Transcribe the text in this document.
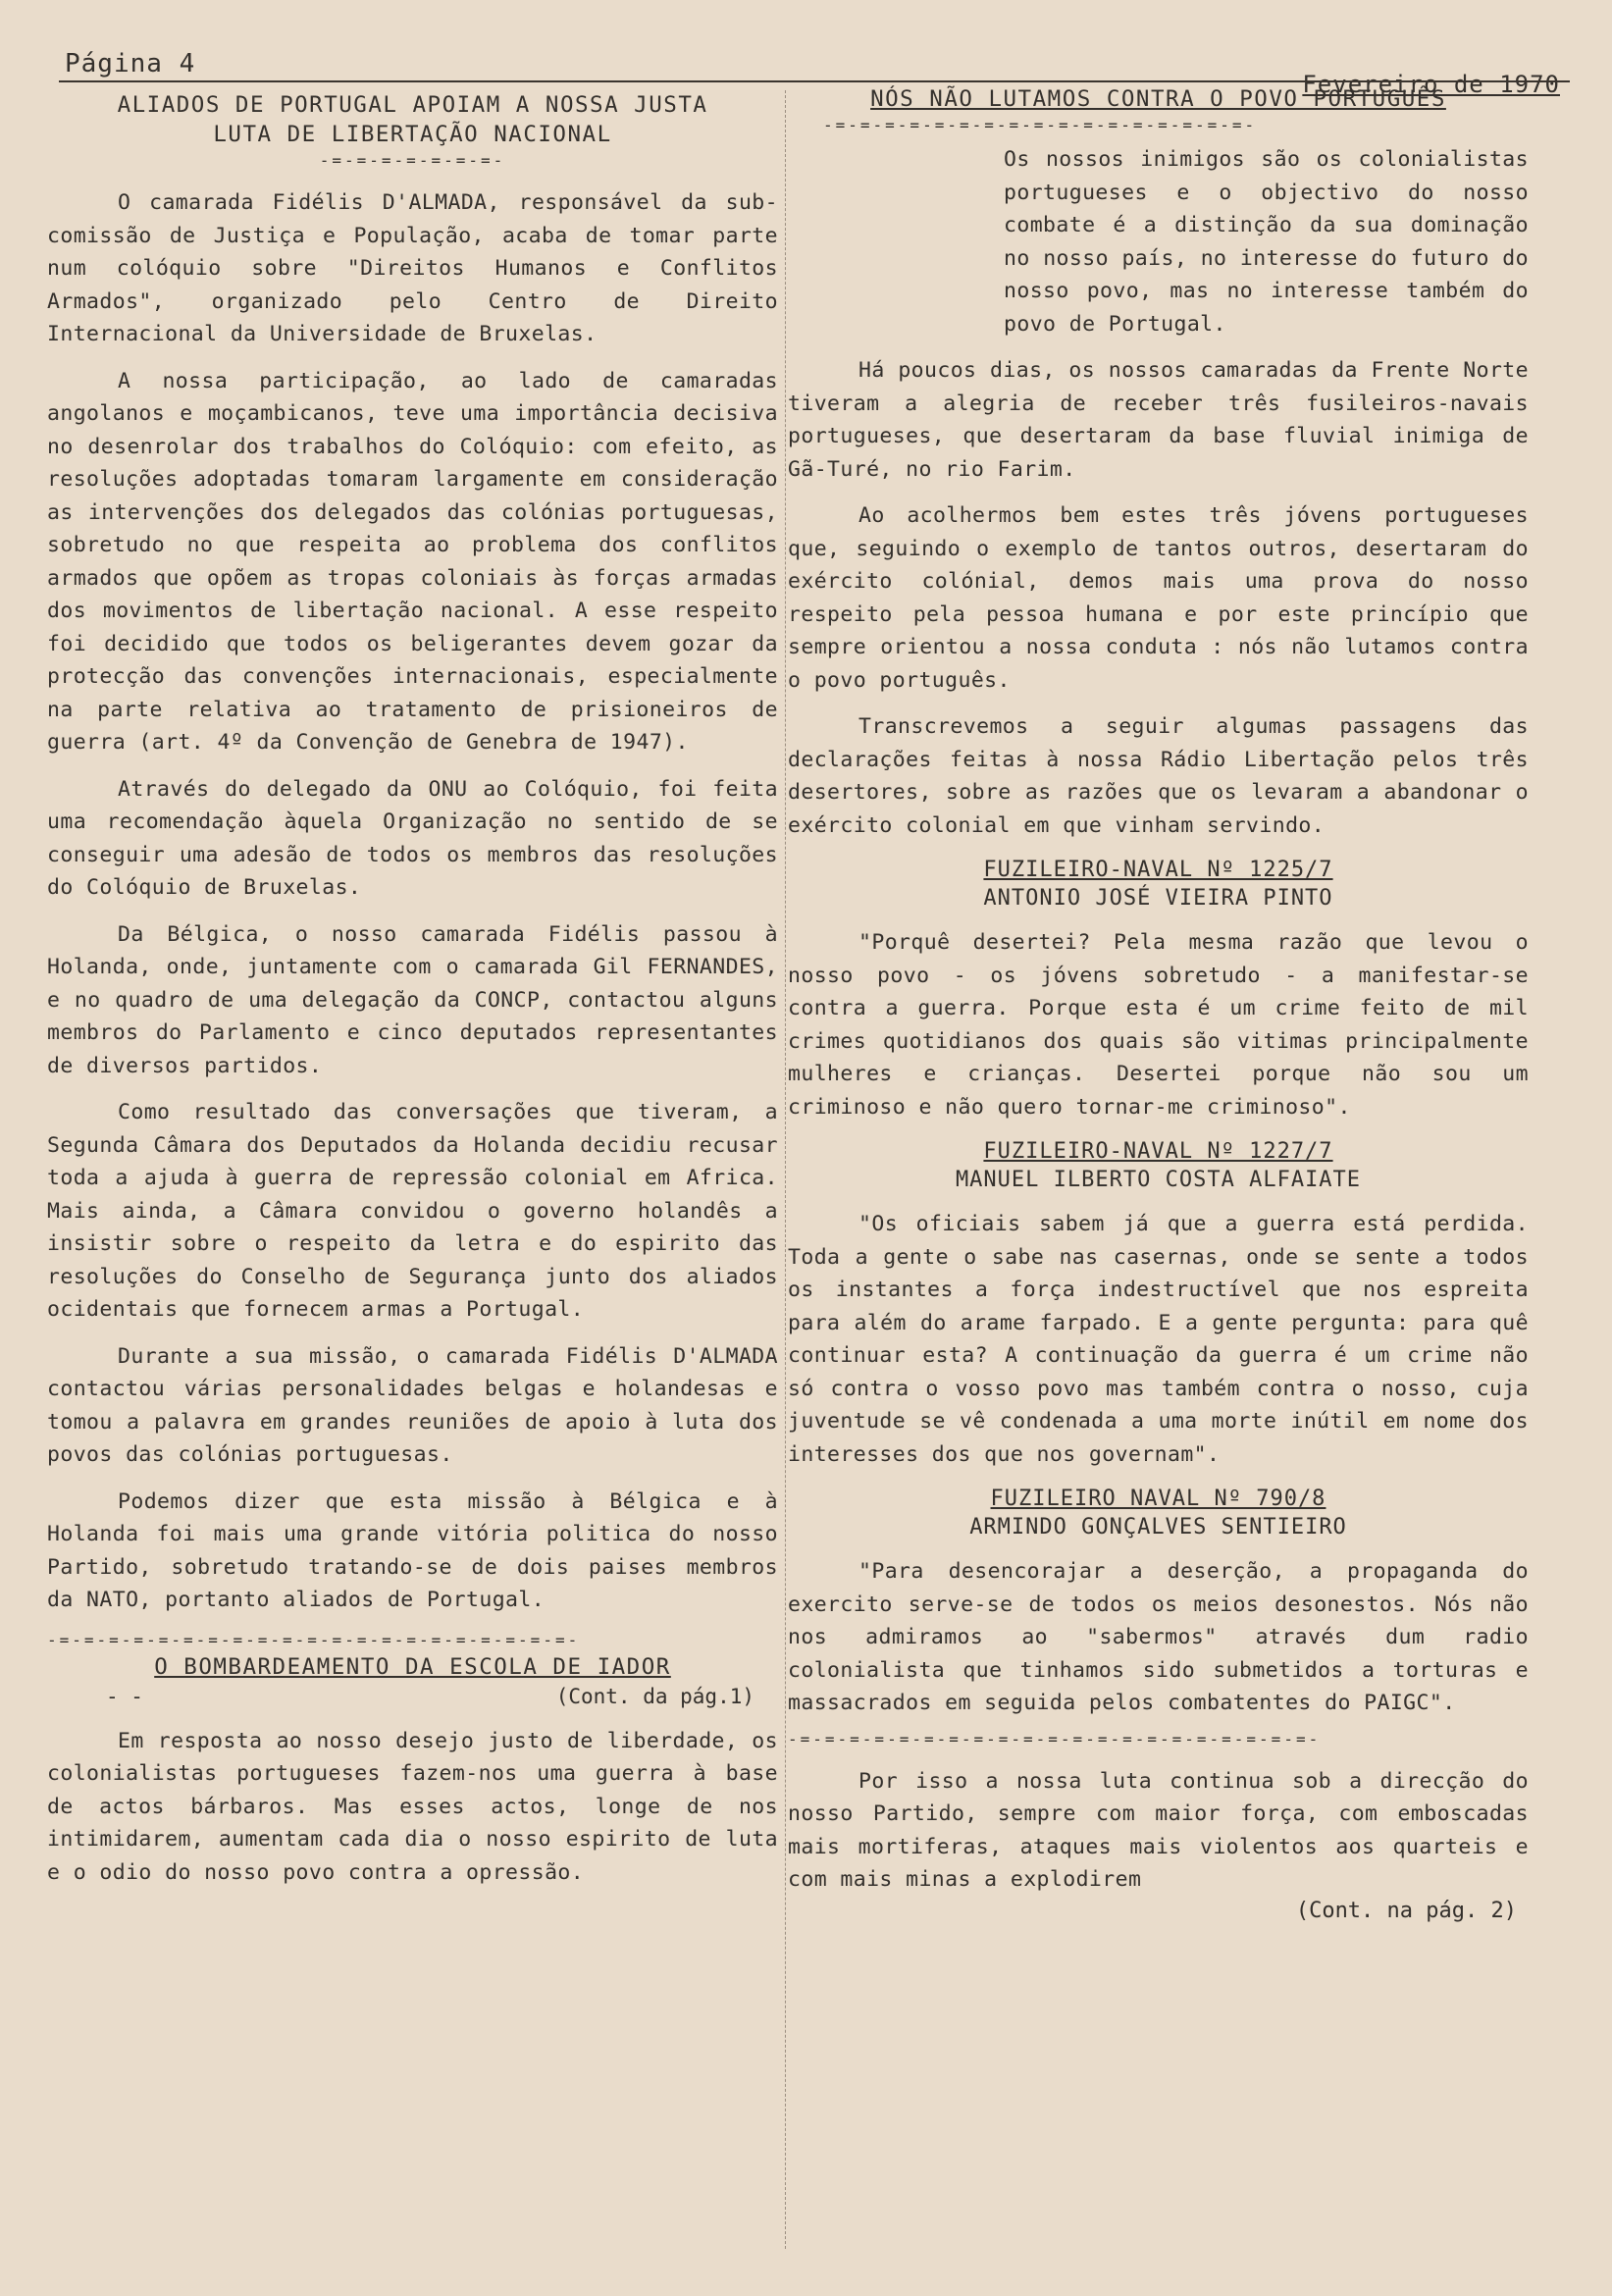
Página 4
Fevereiro de 1970
ALIADOS DE PORTUGAL APOIAM A NOSSA JUSTA
LUTA DE LIBERTAÇÃO NACIONAL
-=-=-=-=-=-=-=-

O camarada Fidélis D'ALMADA, responsável da sub-comissão de Justiça e População, acaba de tomar parte num colóquio sobre "Direitos Humanos e Conflitos Armados", organizado pelo Centro de Direito Internacional da Universidade de Bruxelas.

A nossa participação, ao lado de camaradas angolanos e moçambicanos, teve uma importância decisiva no desenrolar dos trabalhos do Colóquio: com efeito, as resoluções adoptadas tomaram largamente em consideração as intervenções dos delegados das colónias portuguesas, sobretudo no que respeita ao problema dos conflitos armados que opõem as tropas coloniais às forças armadas dos movimentos de libertação nacional. A esse respeito foi decidido que todos os beligerantes devem gozar da protecção das convenções internacionais, especialmente na parte relativa ao tratamento de prisioneiros de guerra (art. 4º da Convenção de Genebra de 1947).

Através do delegado da ONU ao Colóquio, foi feita uma recomendação àquela Organização no sentido de se conseguir uma adesão de todos os membros das resoluções do Colóquio de Bruxelas.

Da Bélgica, o nosso camarada Fidélis passou à Holanda, onde, juntamente com o camarada Gil FERNANDES, e no quadro de uma delegação da CONCP, contactou alguns membros do Parlamento e cinco deputados representantes de diversos partidos.

Como resultado das conversações que tiveram, a Segunda Câmara dos Deputados da Holanda decidiu recusar toda a ajuda à guerra de repressão colonial em Africa. Mais ainda, a Câmara convidou o governo holandês a insistir sobre o respeito da letra e do espirito das resoluções do Conselho de Segurança junto dos aliados ocidentais que fornecem armas a Portugal.

Durante a sua missão, o camarada Fidélis D'ALMADA contactou várias personalidades belgas e holandesas e tomou a palavra em grandes reuniões de apoio à luta dos povos das colónias portuguesas.

Podemos dizer que esta missão à Bélgica e à Holanda foi mais uma grande vitória politica do nosso Partido, sobretudo tratando-se de dois paises membros da NATO, portanto aliados de Portugal.

-=-=-=-=-=-=-=-=-=-=-=-=-=-=-=-=-=-=-=-=-=-
O BOMBARDEAMENTO DA ESCOLA DE IADOR
- -	(Cont. da pág.1)

Em resposta ao nosso desejo justo de liberdade, os colonialistas portugueses fazem-nos uma guerra à base de actos bárbaros. Mas esses actos, longe de nos intimidarem, aumentam cada dia o nosso espirito de luta e o odio do nosso povo contra a opressão.

NÓS NÃO LUTAMOS CONTRA O POVO PORTUGUÊS
-=-=-=-=-=-=-=-=-=-=-=-=-=-=-=-=-=-

Os nossos inimigos são os colonialistas portugueses e o objectivo do nosso combate é a distinção da sua dominação no nosso país, no interesse do futuro do nosso povo, mas no interesse também do povo de Portugal.

Há poucos dias, os nossos camaradas da Frente Norte tiveram a alegria de receber três fusileiros-navais portugueses, que desertaram da base fluvial inimiga de Gã-Turé, no rio Farim.

Ao acolhermos bem estes três jóvens portugueses que, seguindo o exemplo de tantos outros, desertaram do exército colónial, demos mais uma prova do nosso respeito pela pessoa humana e por este princípio que sempre orientou a nossa conduta : nós não lutamos contra o povo português.

Transcrevemos a seguir algumas passagens das declarações feitas à nossa Rádio Libertação pelos três desertores, sobre as razões que os levaram a abandonar o exército colonial em que vinham servindo.

FUZILEIRO-NAVAL Nº 1225/7
ANTONIO JOSÉ VIEIRA PINTO

"Porquê desertei? Pela mesma razão que levou o nosso povo - os jóvens sobretudo - a manifestar-se contra a guerra. Porque esta é um crime feito de mil crimes quotidianos dos quais são vitimas principalmente mulheres e crianças. Desertei porque não sou um criminoso e não quero tornar-me criminoso".

FUZILEIRO-NAVAL Nº 1227/7
MANUEL ILBERTO COSTA ALFAIATE

"Os oficiais sabem já que a guerra está perdida. Toda a gente o sabe nas casernas, onde se sente a todos os instantes a força indestructível que nos espreita para além do arame farpado. E a gente pergunta: para quê continuar esta? A continuação da guerra é um crime não só contra o vosso povo mas também contra o nosso, cuja juventude se vê condenada a uma morte inútil em nome dos interesses dos que nos governam".

FUZILEIRO NAVAL Nº 790/8
ARMINDO GONÇALVES SENTIEIRO

"Para desencorajar a deserção, a propaganda do exercito serve-se de todos os meios desonestos. Nós não nos admiramos ao "sabermos" através dum radio colonialista que tinhamos sido submetidos a torturas e massacrados em seguida pelos combatentes do PAIGC".

-=-=-=-=-=-=-=-=-=-=-=-=-=-=-=-=-=-=-=-=-=-

Por isso a nossa luta continua sob a direcção do nosso Partido, sempre com maior força, com emboscadas mais mortiferas, ataques mais violentos aos quarteis e com mais minas a explodirem

(Cont. na pág. 2)
